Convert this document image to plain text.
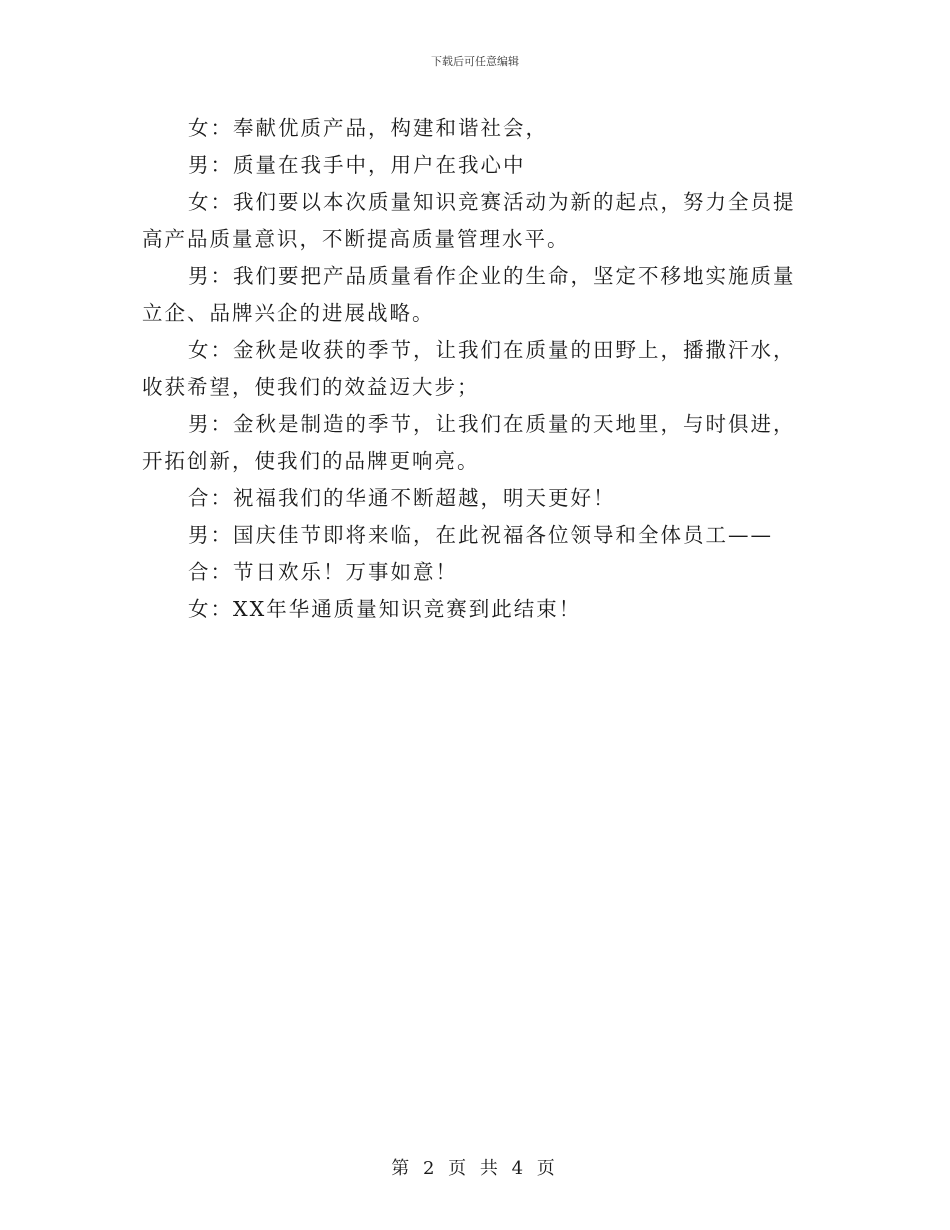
下载后可任意编辑

女：奉献优质产品，构建和谐社会，

男：质量在我手中，用户在我心中

女：我们要以本次质量知识竞赛活动为新的起点，努力全员提高产品质量意识，不断提高质量管理水平。

男：我们要把产品质量看作企业的生命，坚定不移地实施质量立企、品牌兴企的进展战略。

女：金秋是收获的季节，让我们在质量的田野上，播撒汗水，收获希望，使我们的效益迈大步；

男：金秋是制造的季节，让我们在质量的天地里，与时俱进，开拓创新，使我们的品牌更响亮。

合：祝福我们的华通不断超越，明天更好！

男：国庆佳节即将来临，在此祝福各位领导和全体员工——

合：节日欢乐！万事如意！

女：XX年华通质量知识竞赛到此结束！

第 2 页 共 4 页
